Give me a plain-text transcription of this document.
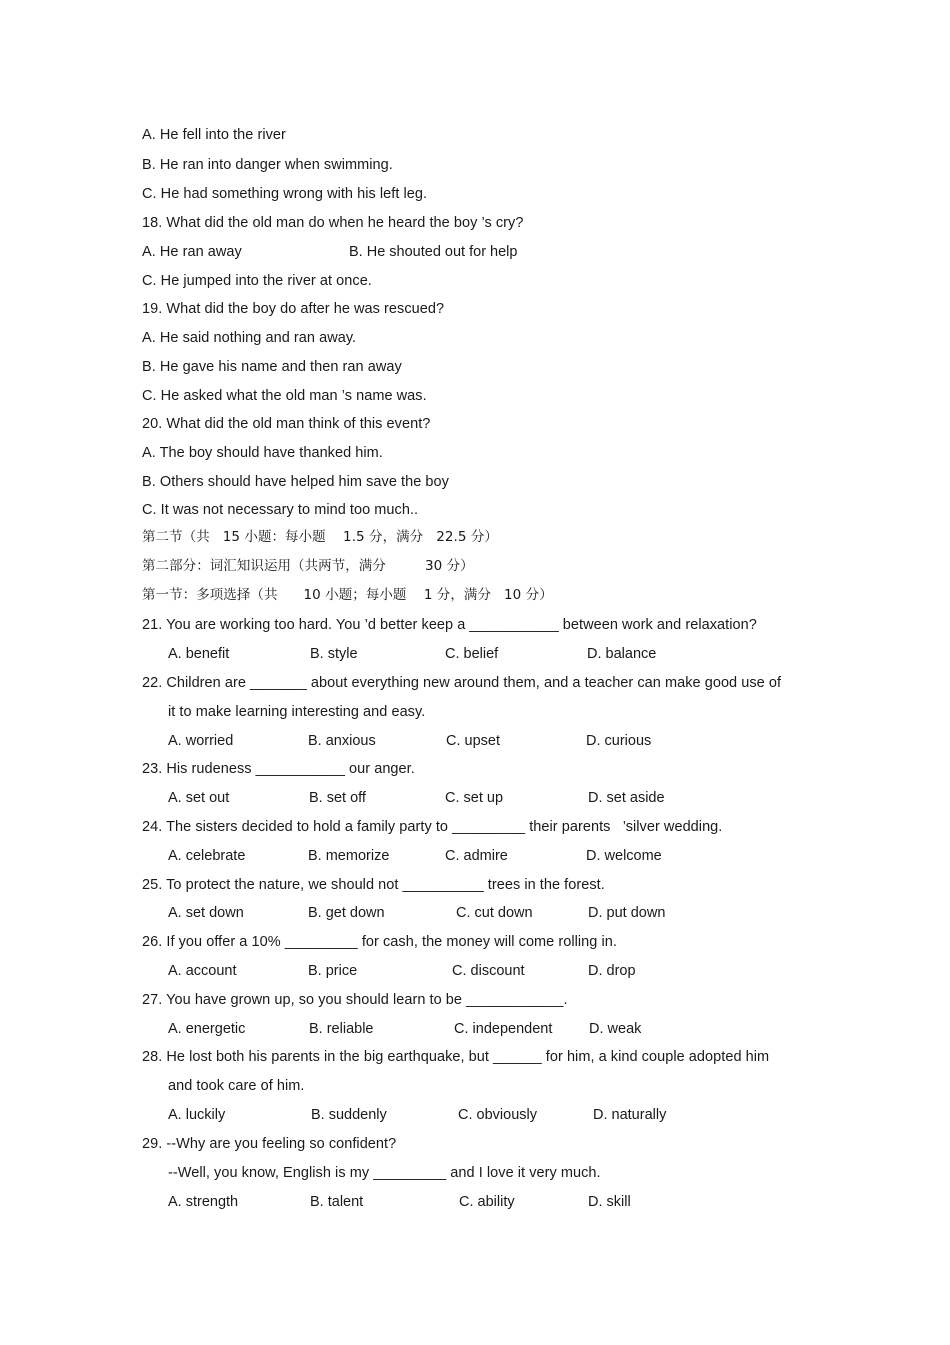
A. He fell into the river
B. He ran into danger when swimming.
C. He had something wrong with his left leg.
18. What did the old man do when he heard the boy ’s cry?
A. He ran away	B. He shouted out for help
C. He jumped into the river at once.
19. What did the boy do after he was rescued?
A. He said nothing and ran away.
B. He gave his name and then ran away
C. He asked what the old man ’s name was.
20. What did the old man think of this event?
A. The boy should have thanked him.
B. Others should have helped him save the boy
C. It was not necessary to mind too much..
第二节（共   15 小题：每小题    1.5 分，满分   22.5 分）
第二部分：词汇知识运用（共两节，满分         30 分）
第一节：多项选择（共      10 小题；每小题    1 分，满分   10 分）
21. You are working too hard. You ’d better keep a ___________ between work and relaxation?
A. benefit	B. style	C. belief	D. balance
22. Children are _______ about everything new around them, and a teacher can make good use of
it to make learning interesting and easy.
A. worried	B. anxious	C. upset	D. curious
23. His rudeness ___________ our anger.
A. set out	B. set off	C. set up	D. set aside
24. The sisters decided to hold a family party to _________ their parents   ’silver wedding.
A. celebrate	B. memorize	C. admire	D. welcome
25. To protect the nature, we should not __________ trees in the forest.
A. set down	B. get down	C. cut down	D. put down
26. If you offer a 10% _________ for cash, the money will come rolling in.
A. account	B. price	C. discount	D. drop
27. You have grown up, so you should learn to be ____________.
A. energetic	B. reliable	C. independent	D. weak
28. He lost both his parents in the big earthquake, but ______ for him, a kind couple adopted him
and took care of him.
A. luckily	B. suddenly	C. obviously	D. naturally
29. --Why are you feeling so confident?
--Well, you know, English is my _________ and I love it very much.
A. strength	B. talent	C. ability	D. skill
